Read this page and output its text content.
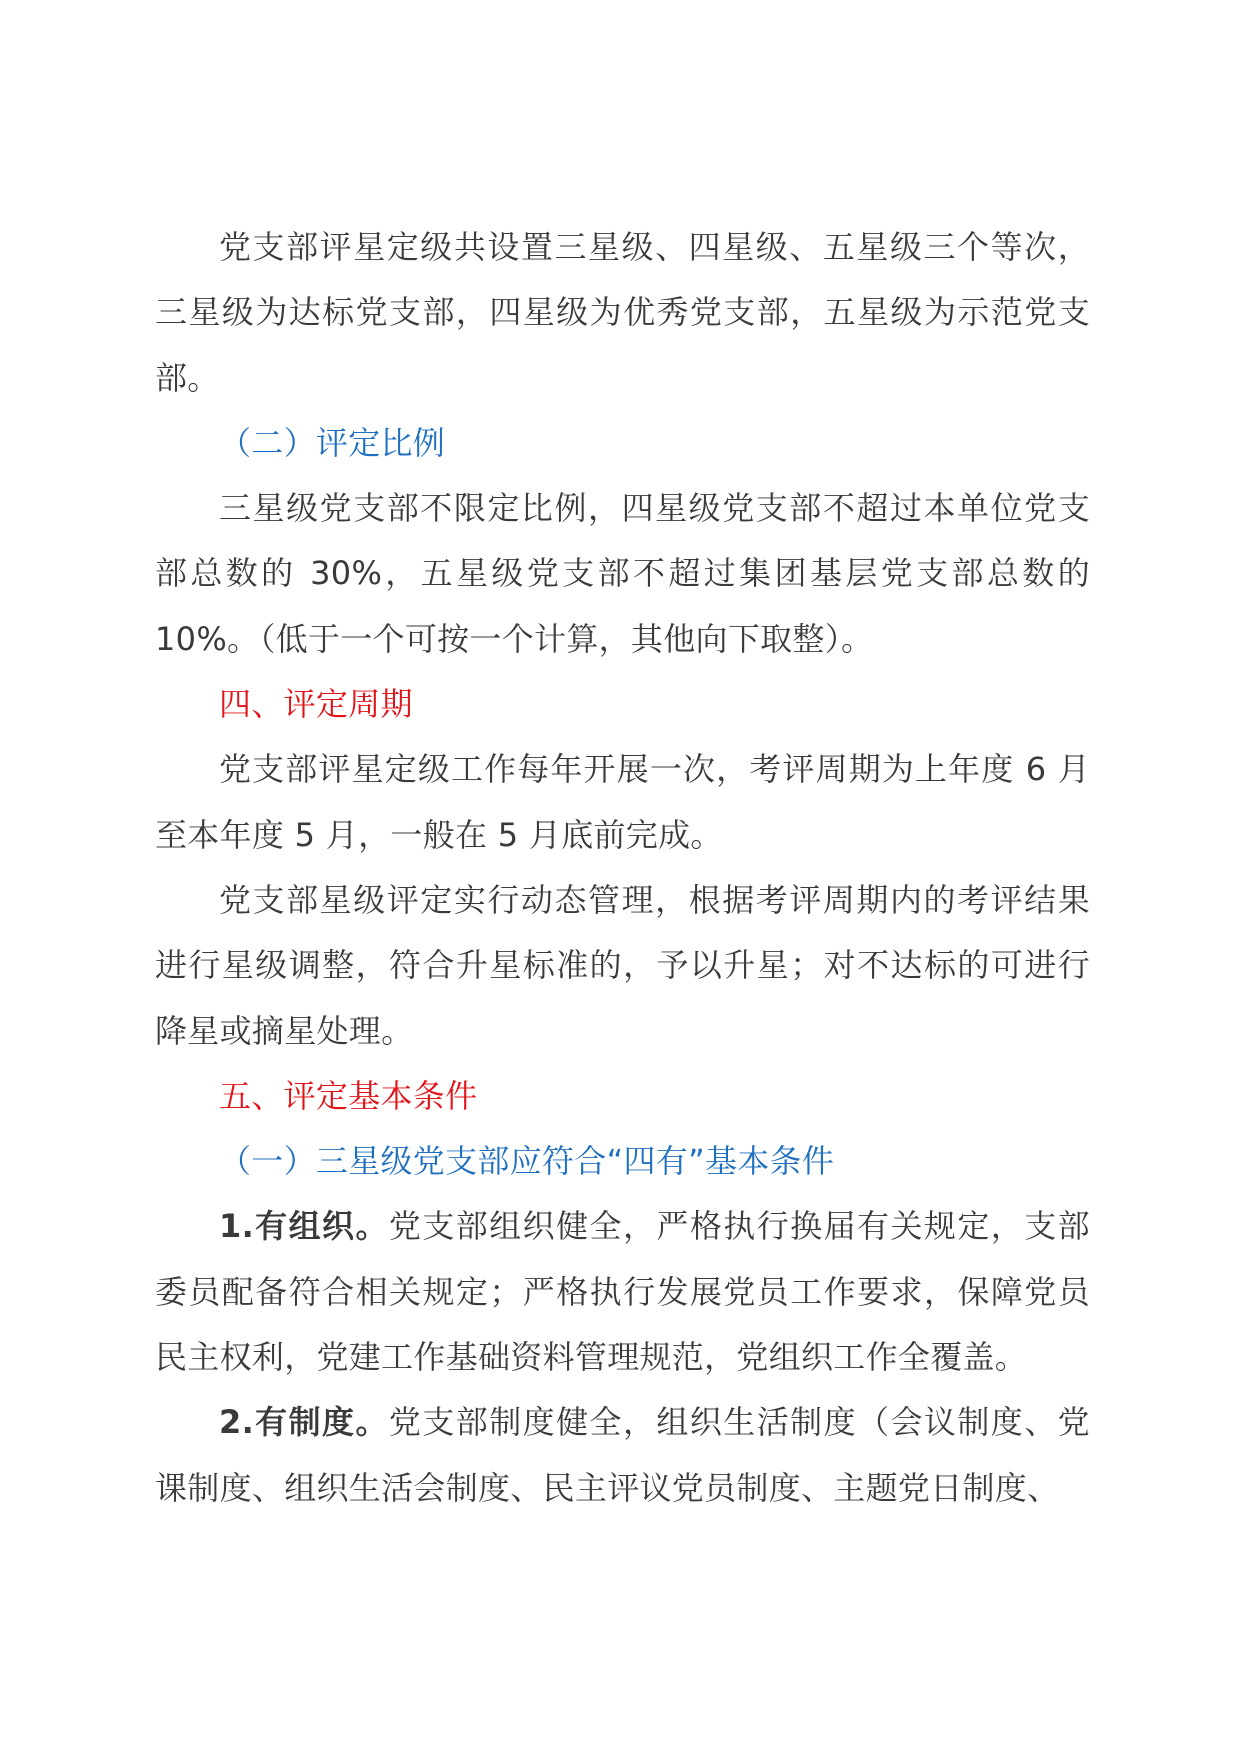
党支部评星定级共设置三星级、四星级、五星级三个等次，三星级为达标党支部，四星级为优秀党支部，五星级为示范党支部。

（二）评定比例

三星级党支部不限定比例，四星级党支部不超过本单位党支部总数的 30%，五星级党支部不超过集团基层党支部总数的 10%。（低于一个可按一个计算，其他向下取整）。

四、评定周期

党支部评星定级工作每年开展一次，考评周期为上年度 6 月至本年度 5 月，一般在 5 月底前完成。

党支部星级评定实行动态管理，根据考评周期内的考评结果进行星级调整，符合升星标准的，予以升星；对不达标的可进行降星或摘星处理。

五、评定基本条件

（一）三星级党支部应符合“四有”基本条件

1.有组织。党支部组织健全，严格执行换届有关规定，支部委员配备符合相关规定；严格执行发展党员工作要求，保障党员民主权利，党建工作基础资料管理规范，党组织工作全覆盖。

2.有制度。党支部制度健全，组织生活制度（会议制度、党课制度、组织生活会制度、民主评议党员制度、主题党日制度、
